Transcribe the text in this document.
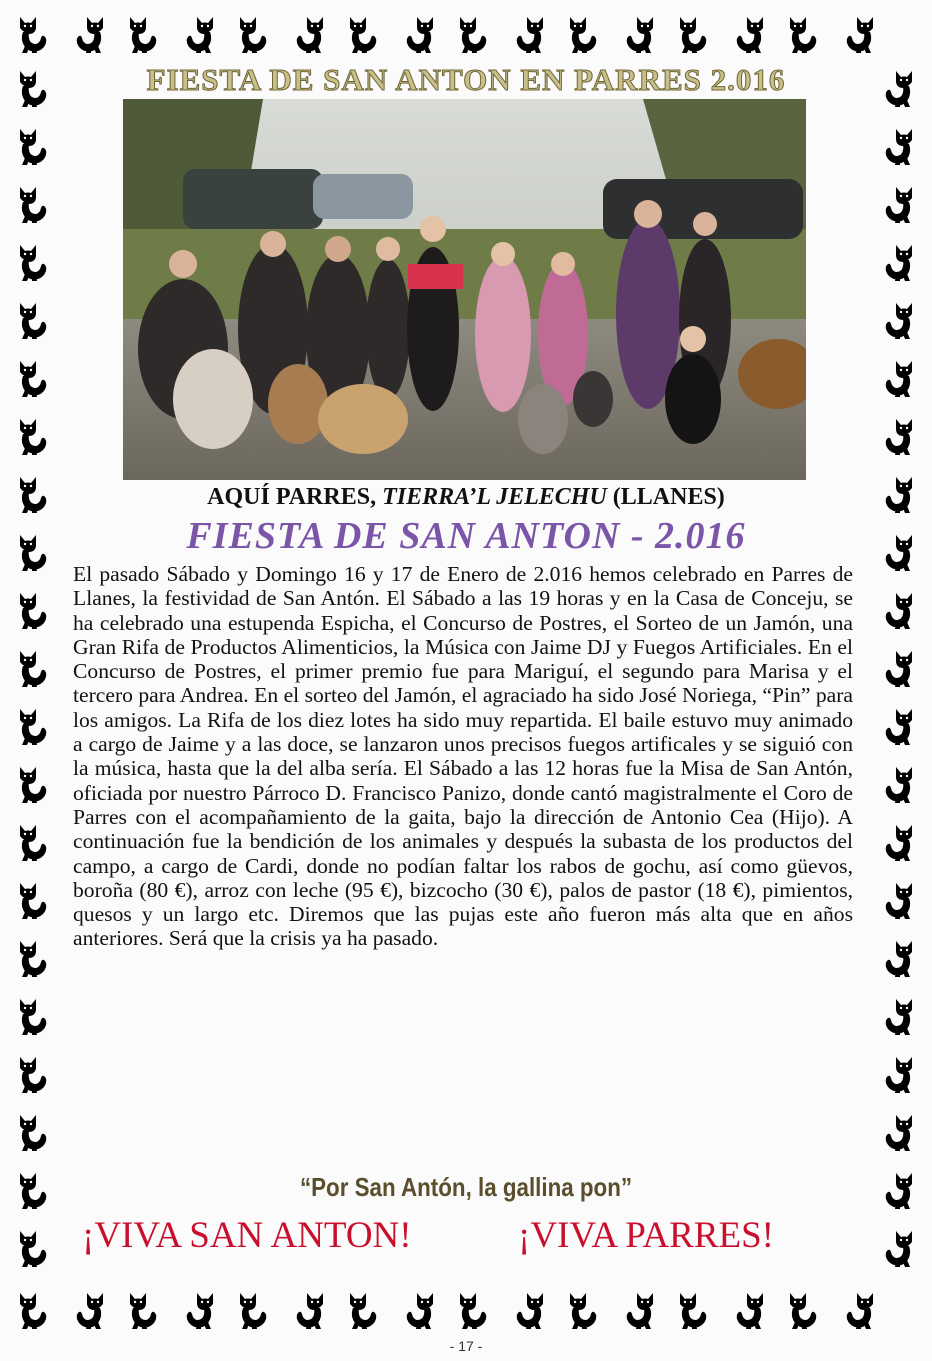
FIESTA DE SAN ANTON EN PARRES 2.016
AQUÍ PARRES, TIERRA’L JELECHU (LLANES)
FIESTA DE SAN ANTON - 2.016
El pasado Sábado y Domingo 16 y 17 de Enero de 2.016 hemos celebrado en Parres de Llanes, la festividad de San Antón. El Sábado a las 19 horas y en la Casa de Conceju, se ha celebrado una estupenda Espicha, el Concurso de Postres, el Sorteo de un Jamón, una Gran Rifa de Productos Alimenticios, la Música con Jaime DJ y Fuegos Artificiales. En el Concurso de Postres, el primer premio fue para Mariguí, el segundo para Marisa y el tercero para Andrea. En el sorteo del Jamón, el agraciado ha sido José Noriega, “Pin” para los amigos. La Rifa de los diez lotes ha sido muy repartida. El baile estuvo muy animado a cargo de Jaime y a las doce, se lanzaron unos precisos fuegos artificales y se siguió con la música, hasta que la del alba sería. El Sábado a las 12 horas fue la Misa de San Antón, oficiada por nuestro Párroco D. Francisco Panizo, donde cantó magistralmente el Coro de Parres con el acompañamiento de la gaita, bajo la dirección de Antonio Cea (Hijo). A continuación fue la bendición de los animales y después la subasta de los productos del campo, a cargo de Cardi, donde no podían faltar los rabos de gochu, así como güevos, boroña (80 €), arroz con leche (95 €), bizcocho (30 €), palos de pastor (18 €), pimientos, quesos y un largo etc. Diremos que las pujas este año fueron más alta que en años anteriores. Será que la crisis ya ha pasado.
“Por San Antón, la gallina pon”
¡VIVA SAN ANTON!	¡VIVA PARRES!
- 17 -
